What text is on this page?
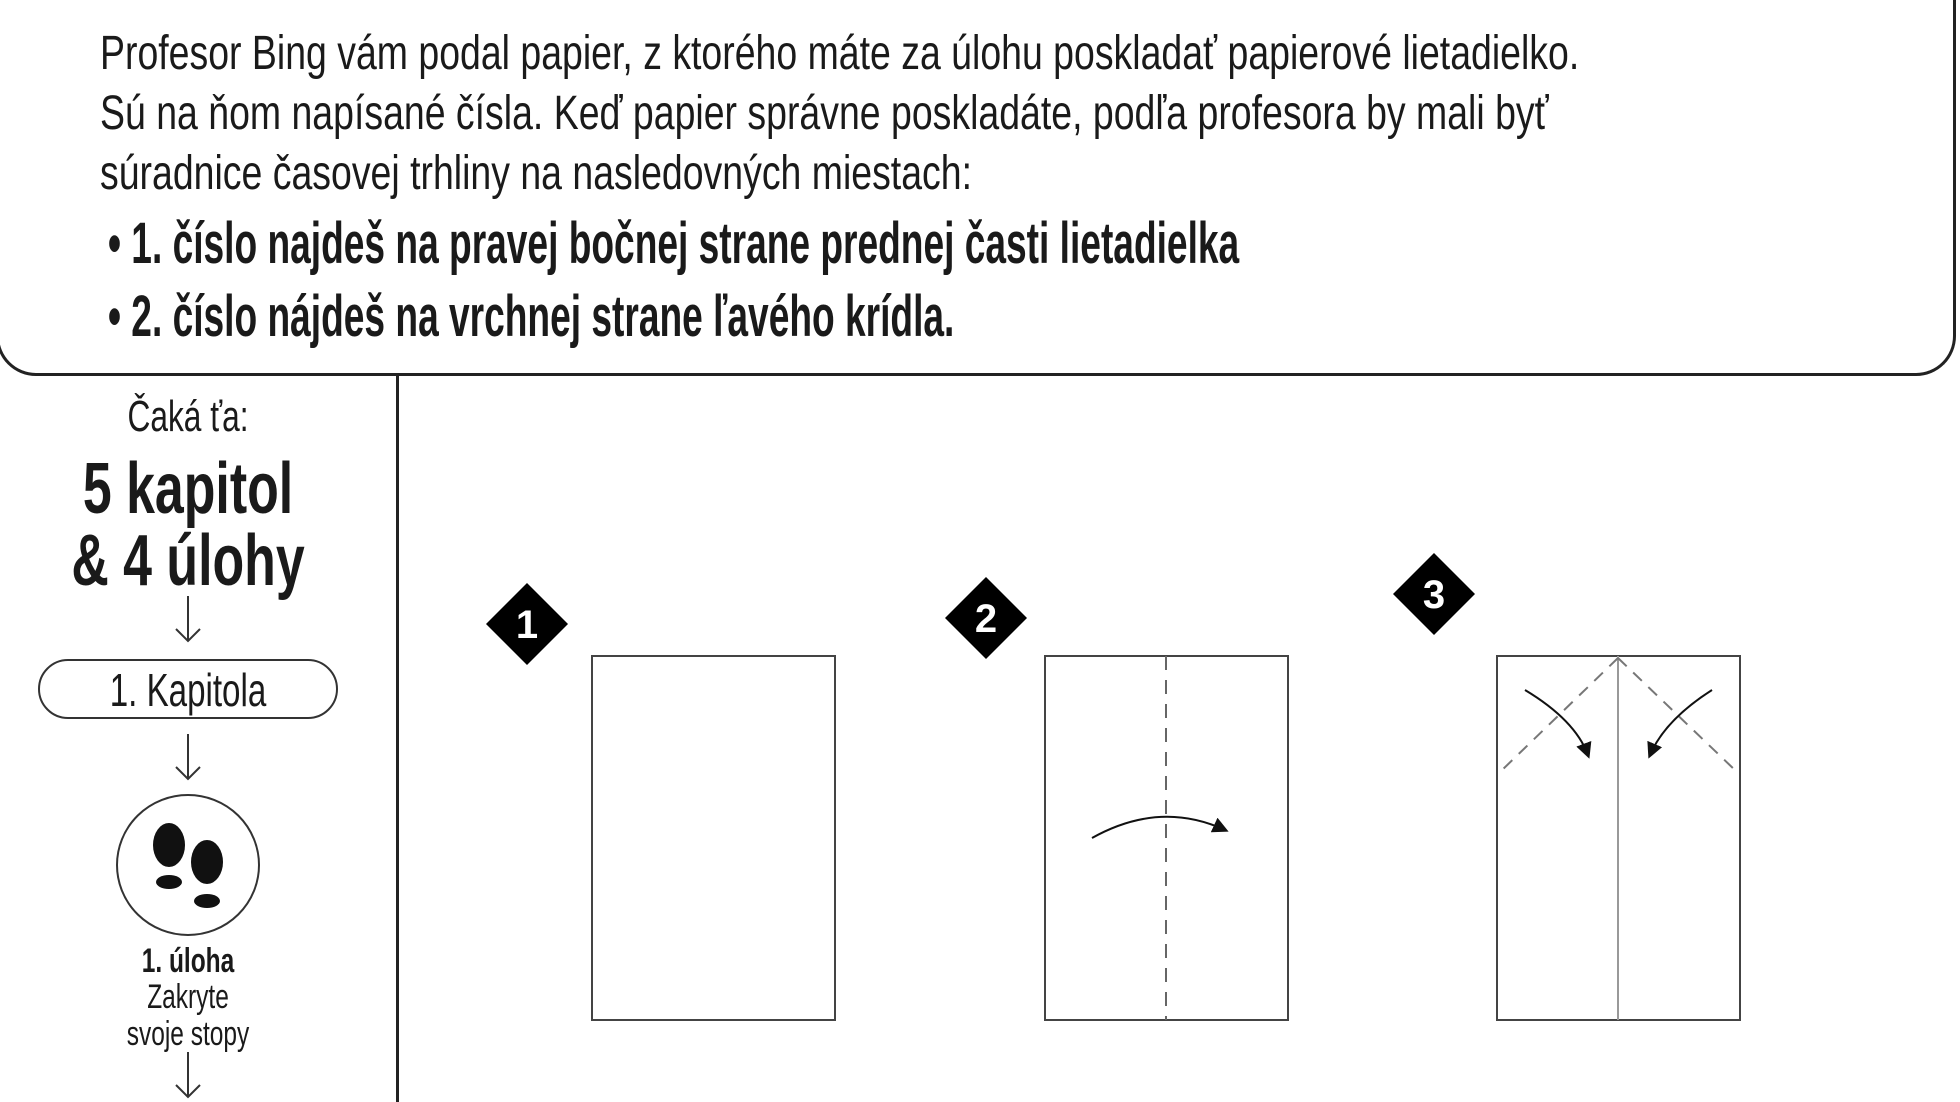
Profesor Bing vám podal papier, z ktorého máte za úlohu poskladať papierové lietadielko.
Sú na ňom napísané čísla. Keď papier správne poskladáte, podľa profesora by mali byť
súradnice časovej trhliny na nasledovných miestach:
• 1. číslo najdeš na pravej bočnej strane prednej časti lietadielka
• 2. číslo nájdeš na vrchnej strane ľavého krídla.
Čaká ťa:
5 kapitol
& 4 úlohy
1. Kapitola
1. úloha
Zakryte
svoje stopy
1	2
3
